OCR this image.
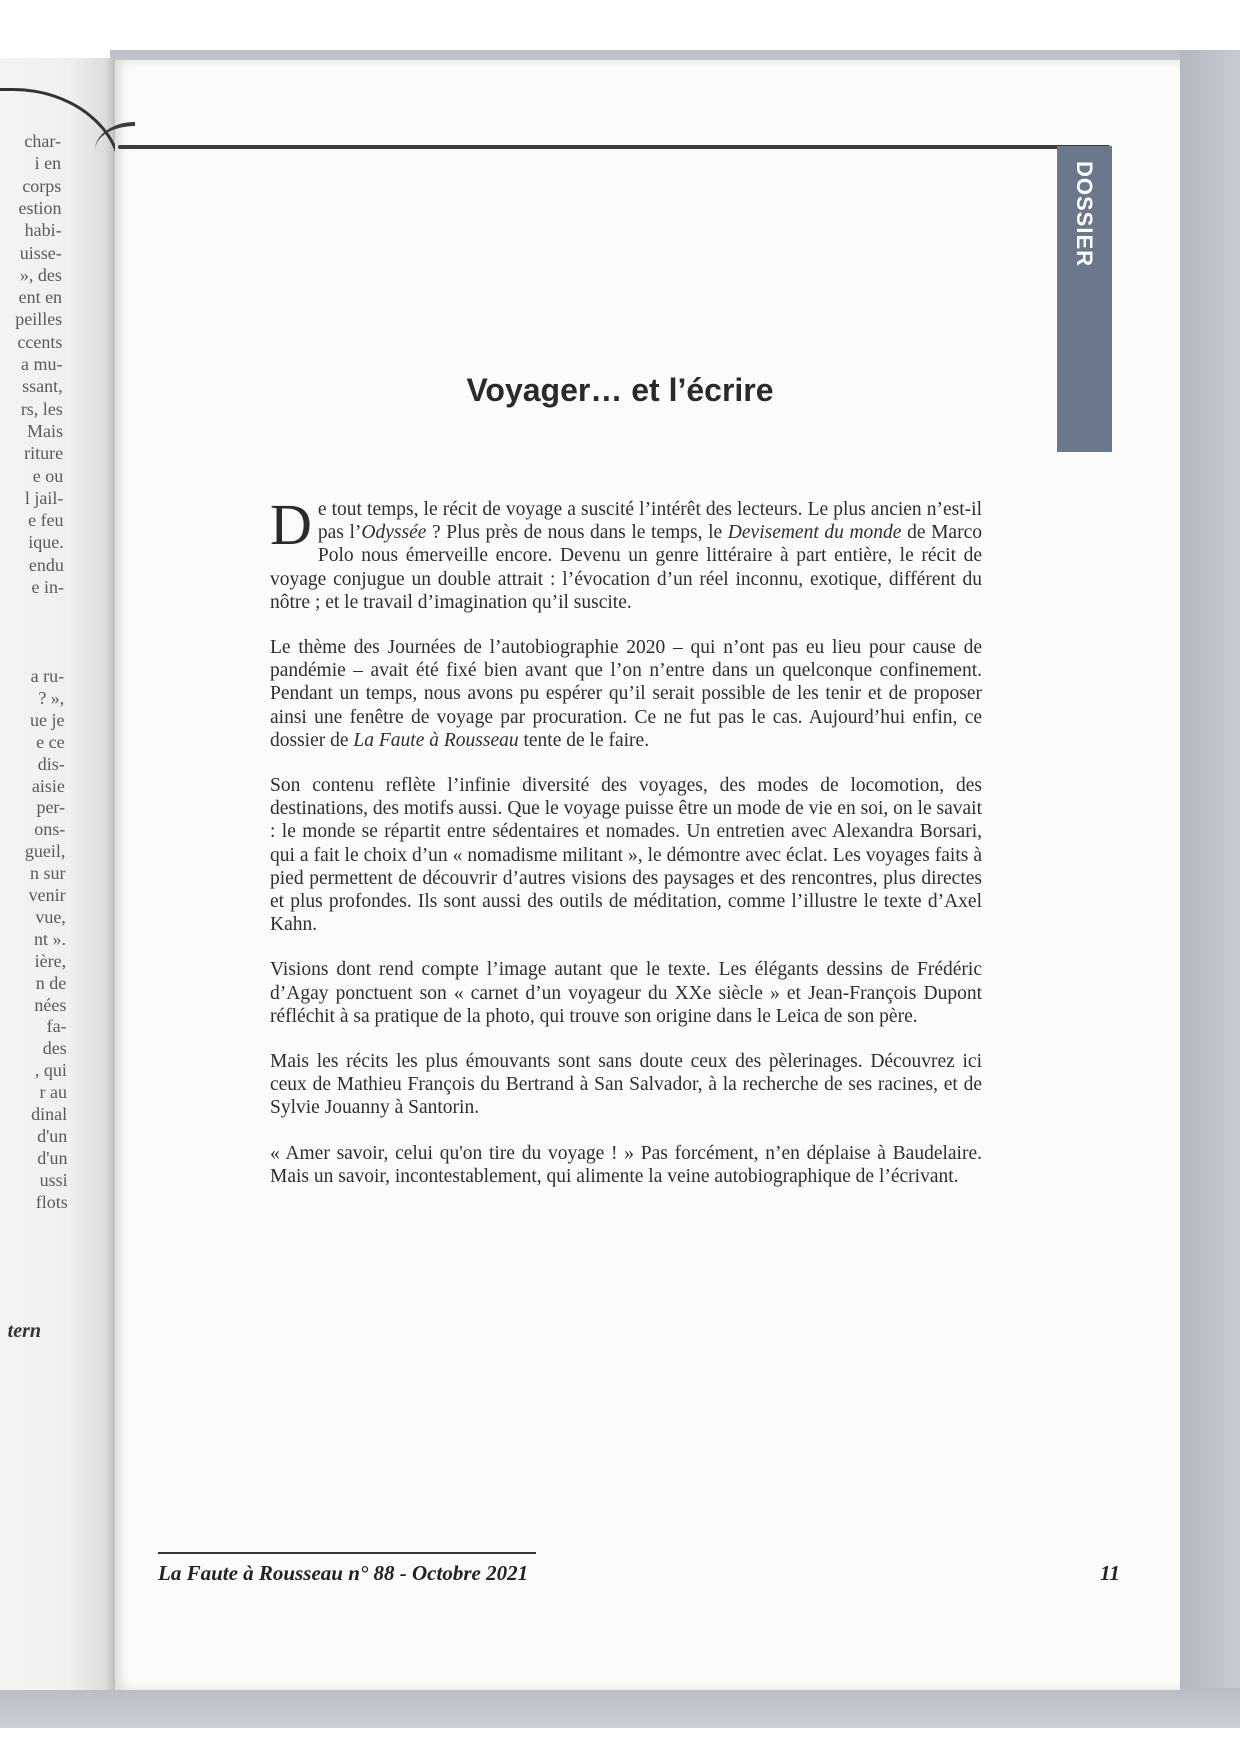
char-
i en
corps
estion
habi-
uisse-
», des
ent en
peilles
ccents
a mu-
ssant,
rs, les
Mais
riture
e ou
l jail-
e feu
ique.
endu
e in-
a ru-
? »,
ue je
e ce
dis-
aisie
per-
ons-
gueil,
n sur
venir
vue,
nt ».
ière,
n de
nées
fa-
des
, qui
r au
dinal
d'un
d'un
ussi
flots
tern
DOSSIER
Voyager… et l’écrire

De tout temps, le récit de voyage a suscité l’intérêt des lecteurs. Le plus ancien n’est-il pas l’Odyssée ? Plus près de nous dans le temps, le Devisement du monde de Marco Polo nous émerveille encore. Devenu un genre littéraire à part entière, le récit de voyage conjugue un double attrait : l’évocation d’un réel inconnu, exotique, différent du nôtre ; et le travail d’imagination qu’il suscite.

Le thème des Journées de l’autobiographie 2020 – qui n’ont pas eu lieu pour cause de pandémie – avait été fixé bien avant que l’on n’entre dans un quelconque confinement. Pendant un temps, nous avons pu espérer qu’il serait possible de les tenir et de proposer ainsi une fenêtre de voyage par procuration. Ce ne fut pas le cas. Aujourd’hui enfin, ce dossier de La Faute à Rousseau tente de le faire.

Son contenu reflète l’infinie diversité des voyages, des modes de locomotion, des destinations, des motifs aussi. Que le voyage puisse être un mode de vie en soi, on le savait : le monde se répartit entre sédentaires et nomades. Un entretien avec Alexandra Borsari, qui a fait le choix d’un « nomadisme militant », le démontre avec éclat. Les voyages faits à pied permettent de découvrir d’autres visions des paysages et des rencontres, plus directes et plus profondes. Ils sont aussi des outils de méditation, comme l’illustre le texte d’Axel Kahn.

Visions dont rend compte l’image autant que le texte. Les élégants dessins de Frédéric d’Agay ponctuent son « carnet d’un voyageur du XXe siècle » et Jean-François Dupont réfléchit à sa pratique de la photo, qui trouve son origine dans le Leica de son père.

Mais les récits les plus émouvants sont sans doute ceux des pèlerinages. Découvrez ici ceux de Mathieu François du Bertrand à San Salvador, à la recherche de ses racines, et de Sylvie Jouanny à Santorin.

« Amer savoir, celui qu'on tire du voyage ! » Pas forcément, n’en déplaise à Baudelaire. Mais un savoir, incontestablement, qui alimente la veine autobiographique de l’écrivant.

La Faute à Rousseau n° 88 - Octobre 2021	11
